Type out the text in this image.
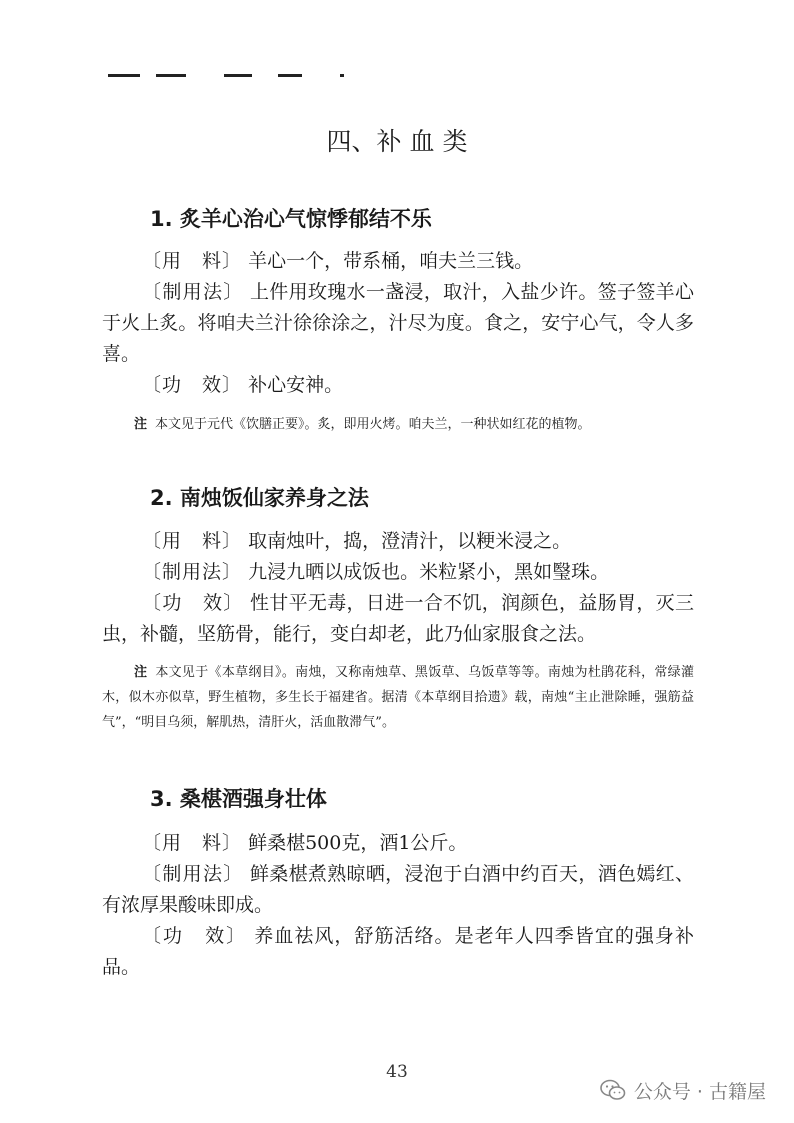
四、补 血 类
1. 炙羊心治心气惊悸郁结不乐

〔用　料〕 羊心一个，带系桶，咱夫兰三钱。

〔制用法〕 上件用玫瑰水一盏浸，取汁，入盐少许。签子签羊心于火上炙。将咱夫兰汁徐徐涂之，汁尽为度。食之，安宁心气，令人多喜。

〔功　效〕 补心安神。

注 本文见于元代《饮膳正要》。炙，即用火烤。咱夫兰，一种状如红花的植物。
2. 南烛饭仙家养身之法

〔用　料〕 取南烛叶，捣，澄清汁，以粳米浸之。

〔制用法〕 九浸九晒以成饭也。米粒紧小，黑如瑿珠。

〔功　效〕 性甘平无毒，日进一合不饥，润颜色，益肠胃，灭三虫，补髓，坚筋骨，能行，变白却老，此乃仙家服食之法。

注 本文见于《本草纲目》。南烛，又称南烛草、黑饭草、乌饭草等等。南烛为杜鹃花科，常绿灌木，似木亦似草，野生植物，多生长于福建省。据清《本草纲目拾遗》载，南烛“主止泄除睡，强筋益气”，“明目乌须，解肌热，清肝火，活血散滞气”。
3. 桑椹酒强身壮体

〔用　料〕 鲜桑椹500克，酒1公斤。

〔制用法〕 鲜桑椹煮熟晾晒，浸泡于白酒中约百天，酒色嫣红、有浓厚果酸味即成。

〔功　效〕 养血祛风，舒筋活络。是老年人四季皆宜的强身补品。

43
公众号 · 古籍屋
